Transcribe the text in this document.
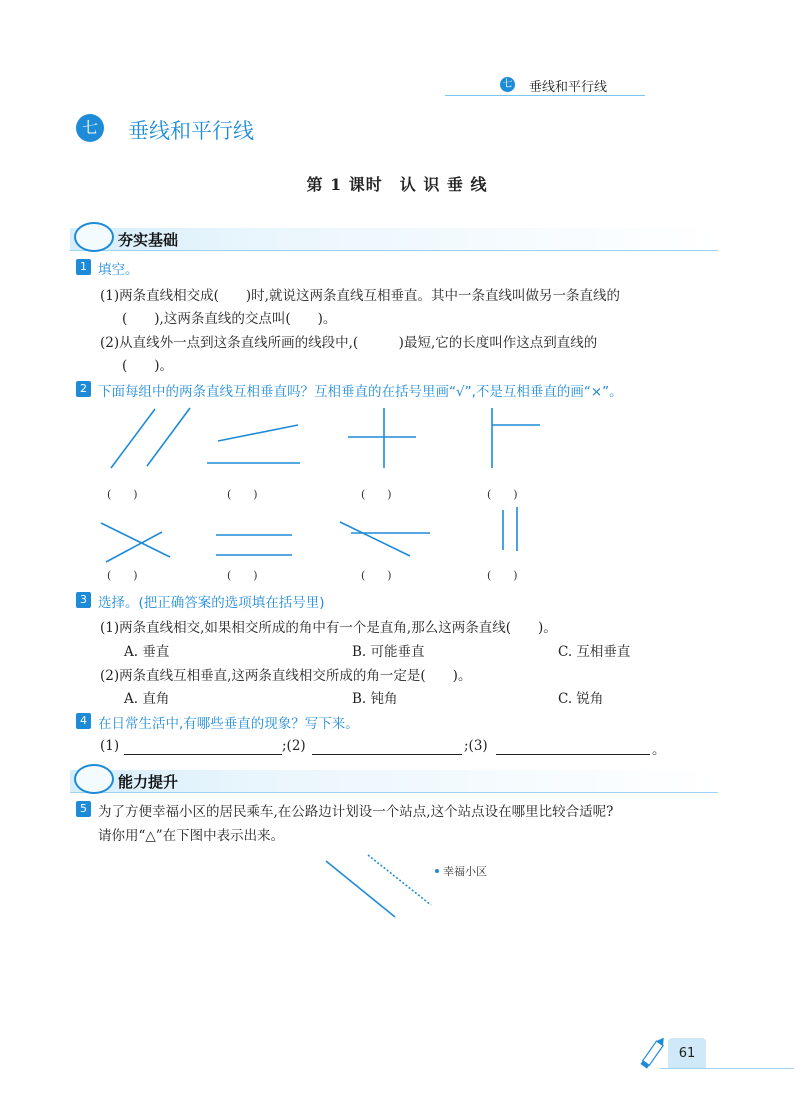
七 垂线和平行线
七 垂线和平行线
第 1 课时　认 识 垂 线
夯实基础
1 填空。
(1)两条直线相交成(　　)时,就说这两条直线互相垂直。其中一条直线叫做另一条直线的
(　　),这两条直线的交点叫(　　)。
(2)从直线外一点到这条直线所画的线段中,(　　　)最短,它的长度叫作这点到直线的
(　　)。
2 下面每组中的两条直线互相垂直吗？互相垂直的在括号里画“√”,不是互相垂直的画“×”。
(　　)	(　　)	(　　)	(　　)
(　　)	(　　)	(　　)	(　　)
3 选择。(把正确答案的选项填在括号里)
(1)两条直线相交,如果相交所成的角中有一个是直角,那么这两条直线(　　)。
A. 垂直	B. 可能垂直	C. 互相垂直
(2)两条直线互相垂直,这两条直线相交所成的角一定是(　　)。
A. 直角	B. 钝角	C. 锐角
4 在日常生活中,有哪些垂直的现象？写下来。
(1)	;(2)	;(3)	。
能力提升
5 为了方便幸福小区的居民乘车,在公路边计划设一个站点,这个站点设在哪里比较合适呢?
请你用“△”在下图中表示出来。
幸福小区
61
